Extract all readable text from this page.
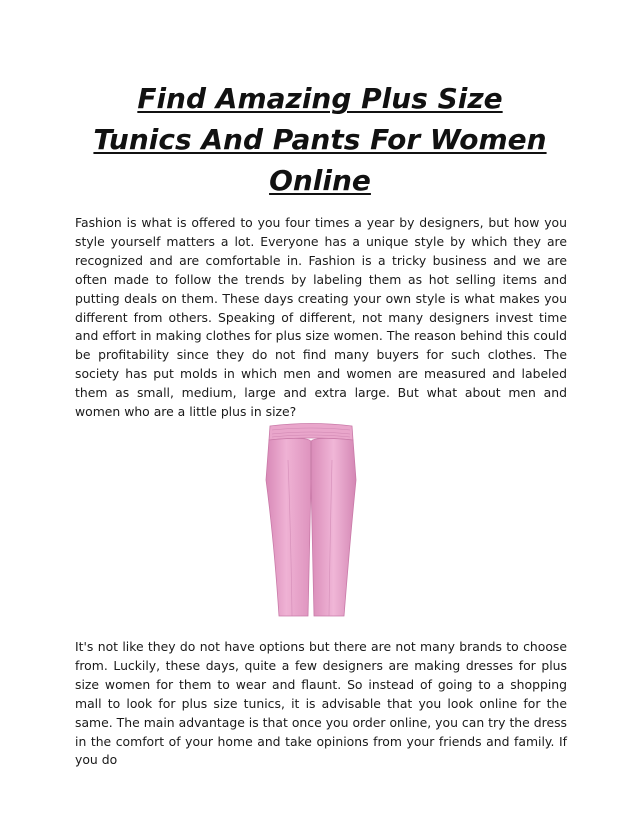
Find Amazing Plus Size
Tunics And Pants For Women
Online

Fashion is what is offered to you four times a year by designers, but how you style yourself matters a lot. Everyone has a unique style by which they are recognized and are comfortable in. Fashion is a tricky business and we are often made to follow the trends by labeling them as hot selling items and putting deals on them. These days creating your own style is what makes you different from others. Speaking of different, not many designers invest time and effort in making clothes for plus size women. The reason behind this could be profitability since they do not find many buyers for such clothes. The society has put molds in which men and women are measured and labeled them as small, medium, large and extra large. But what about men and women who are a little plus in size?

It's not like they do not have options but there are not many brands to choose from. Luckily, these days, quite a few designers are making dresses for plus size women for them to wear and flaunt. So instead of going to a shopping mall to look for plus size tunics, it is advisable that you look online for the same. The main advantage is that once you order online, you can try the dress in the comfort of your home and take opinions from your friends and family. If you do
